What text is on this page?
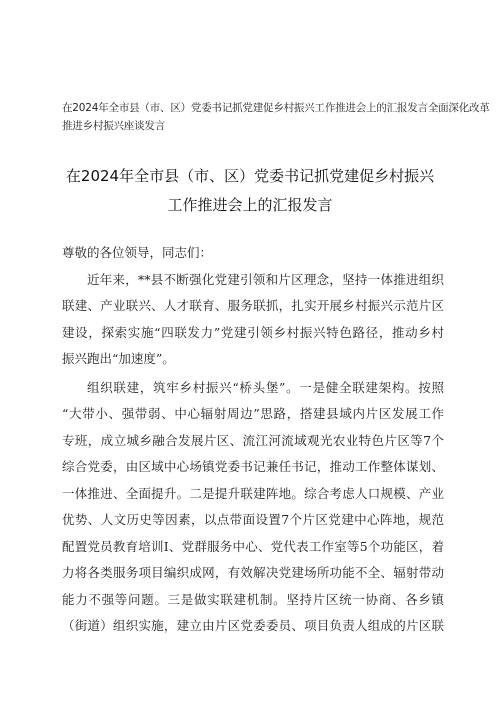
在2024年全市县（市、区）党委书记抓党建促乡村振兴工作推进会上的汇报发言全面深化改革
推进乡村振兴座谈发言
在2024年全市县（市、区）党委书记抓党建促乡村振兴
工作推进会上的汇报发言
尊敬的各位领导，同志们：
近年来，**县不断强化党建引领和片区理念，坚持一体推进组织
联建、产业联兴、人才联育、服务联抓，扎实开展乡村振兴示范片区
建设，探索实施“四联发力”党建引领乡村振兴特色路径，推动乡村
振兴跑出“加速度”。
组织联建，筑牢乡村振兴“桥头堡”。一是健全联建架构。按照
“大带小、强带弱、中心辐射周边”思路，搭建县域内片区发展工作
专班，成立城乡融合发展片区、流江河流域观光农业特色片区等7个
综合党委，由区域中心场镇党委书记兼任书记，推动工作整体谋划、
一体推进、全面提升。二是提升联建阵地。综合考虑人口规模、产业
优势、人文历史等因素，以点带面设置7个片区党建中心阵地，规范
配置党员教育培训Ⅰ、党群服务中心、党代表工作室等5个功能区，着
力将各类服务项目编织成网，有效解决党建场所功能不全、辐射带动
能力不强等问题。三是做实联建机制。坚持片区统一协商、各乡镇
（街道）组织实施，建立由片区党委委员、项目负责人组成的片区联
